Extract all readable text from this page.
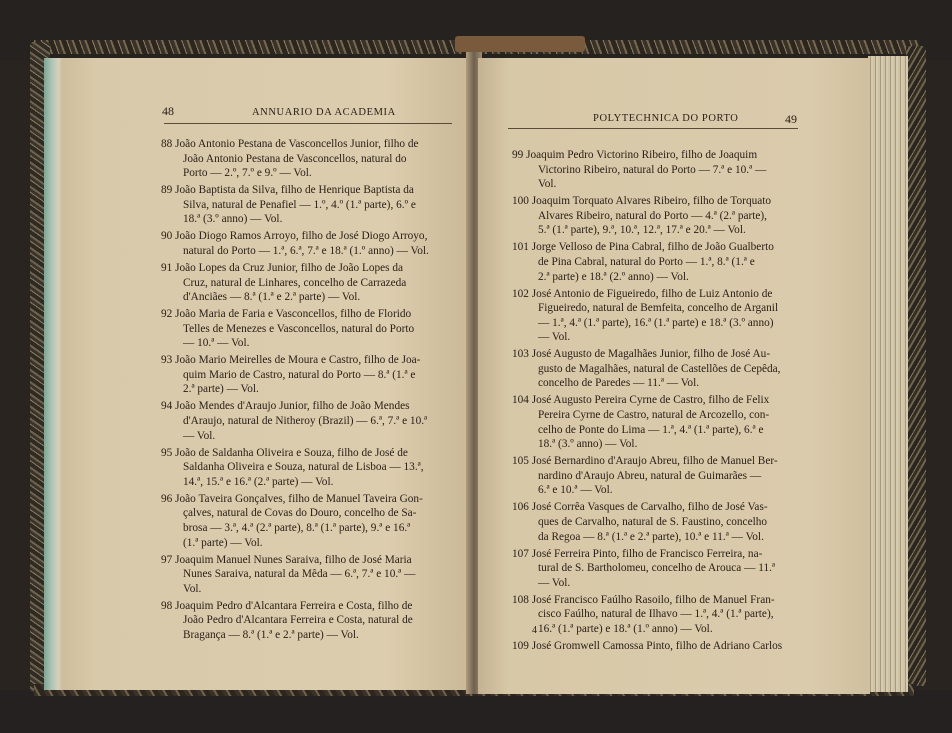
48	ANNUARIO DA ACADEMIA
88 João Antonio Pestana de Vasconcellos Junior, filho de
João Antonio Pestana de Vasconcellos, natural do
Porto — 2.º, 7.º e 9.º — Vol.
89 João Baptista da Silva, filho de Henrique Baptista da
Silva, natural de Penafiel — 1.º, 4.º (1.ª parte), 6.º e
18.ª (3.º anno) — Vol.
90 João Diogo Ramos Arroyo, filho de José Diogo Arroyo,
natural do Porto — 1.ª, 6.ª, 7.ª e 18.ª (1.º anno) — Vol.
91 João Lopes da Cruz Junior, filho de João Lopes da
Cruz, natural de Linhares, concelho de Carrazeda
d'Anciães — 8.ª (1.ª e 2.ª parte) — Vol.
92 João Maria de Faria e Vasconcellos, filho de Florido
Telles de Menezes e Vasconcellos, natural do Porto
— 10.ª — Vol.
93 João Mario Meirelles de Moura e Castro, filho de Joa-
quim Mario de Castro, natural do Porto — 8.ª (1.ª e
2.ª parte) — Vol.
94 João Mendes d'Araujo Junior, filho de João Mendes
d'Araujo, natural de Nitheroy (Brazil) — 6.ª, 7.ª e 10.ª
— Vol.
95 João de Saldanha Oliveira e Souza, filho de José de
Saldanha Oliveira e Souza, natural de Lisboa — 13.ª,
14.ª, 15.ª e 16.ª (2.ª parte) — Vol.
96 João Taveira Gonçalves, filho de Manuel Taveira Gon-
çalves, natural de Covas do Douro, concelho de Sa-
brosa — 3.ª, 4.ª (2.ª parte), 8.ª (1.ª parte), 9.ª e 16.ª
(1.ª parte) — Vol.
97 Joaquim Manuel Nunes Saraiva, filho de José Maria
Nunes Saraiva, natural da Mêda — 6.ª, 7.ª e 10.ª —
Vol.
98 Joaquim Pedro d'Alcantara Ferreira e Costa, filho de
João Pedro d'Alcantara Ferreira e Costa, natural de
Bragança — 8.ª (1.ª e 2.ª parte) — Vol.
POLYTECHNICA DO PORTO	49
99 Joaquim Pedro Victorino Ribeiro, filho de Joaquim
Victorino Ribeiro, natural do Porto — 7.ª e 10.ª —
Vol.
100 Joaquim Torquato Alvares Ribeiro, filho de Torquato
Alvares Ribeiro, natural do Porto — 4.ª (2.ª parte),
5.ª (1.ª parte), 9.ª, 10.ª, 12.ª, 17.ª e 20.ª — Vol.
101 Jorge Velloso de Pina Cabral, filho de João Gualberto
de Pina Cabral, natural do Porto — 1.ª, 8.ª (1.ª e
2.ª parte) e 18.ª (2.º anno) — Vol.
102 José Antonio de Figueiredo, filho de Luiz Antonio de
Figueiredo, natural de Bemfeita, concelho de Arganil
— 1.ª, 4.ª (1.ª parte), 16.ª (1.ª parte) e 18.ª (3.º anno)
— Vol.
103 José Augusto de Magalhães Junior, filho de José Au-
gusto de Magalhães, natural de Castellões de Cepêda,
concelho de Paredes — 11.ª — Vol.
104 José Augusto Pereira Cyrne de Castro, filho de Felix
Pereira Cyrne de Castro, natural de Arcozello, con-
celho de Ponte do Lima — 1.ª, 4.ª (1.ª parte), 6.ª e
18.ª (3.º anno) — Vol.
105 José Bernardino d'Araujo Abreu, filho de Manuel Ber-
nardino d'Araujo Abreu, natural de Guimarães —
6.ª e 10.ª — Vol.
106 José Corrêa Vasques de Carvalho, filho de José Vas-
ques de Carvalho, natural de S. Faustino, concelho
da Regoa — 8.ª (1.ª e 2.ª parte), 10.ª e 11.ª — Vol.
107 José Ferreira Pinto, filho de Francisco Ferreira, na-
tural de S. Bartholomeu, concelho de Arouca — 11.ª
— Vol.
108 José Francisco Faúlho Rasoilo, filho de Manuel Fran-
cisco Faúlho, natural de Ilhavo — 1.ª, 4.ª (1.ª parte),
16.ª (1.ª parte) e 18.ª (1.º anno) — Vol.
109 José Gromwell Camossa Pinto, filho de Adriano Carlos
4
